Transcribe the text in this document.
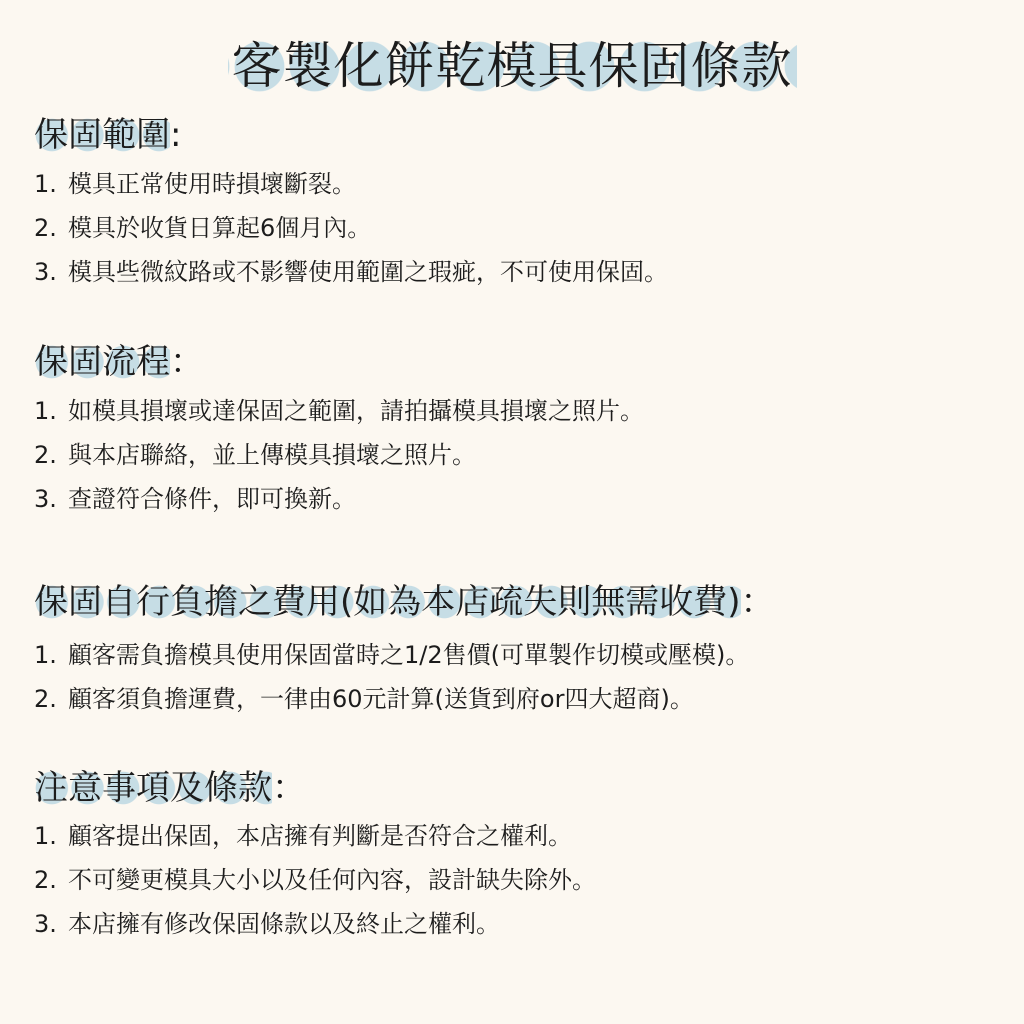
客製化餅乾模具保固條款
保固範圍:
1. 模具正常使用時損壞斷裂。
2. 模具於收貨日算起6個月內。
3. 模具些微紋路或不影響使用範圍之瑕疵，不可使用保固。
保固流程：
1. 如模具損壞或達保固之範圍，請拍攝模具損壞之照片。
2. 與本店聯絡，並上傳模具損壞之照片。
3. 查證符合條件，即可換新。
保固自行負擔之費用(如為本店疏失則無需收費)：
1. 顧客需負擔模具使用保固當時之1/2售價(可單製作切模或壓模)。
2. 顧客須負擔運費，一律由60元計算(送貨到府or四大超商)。
注意事項及條款：
1. 顧客提出保固，本店擁有判斷是否符合之權利。
2. 不可變更模具大小以及任何內容，設計缺失除外。
3. 本店擁有修改保固條款以及終止之權利。
